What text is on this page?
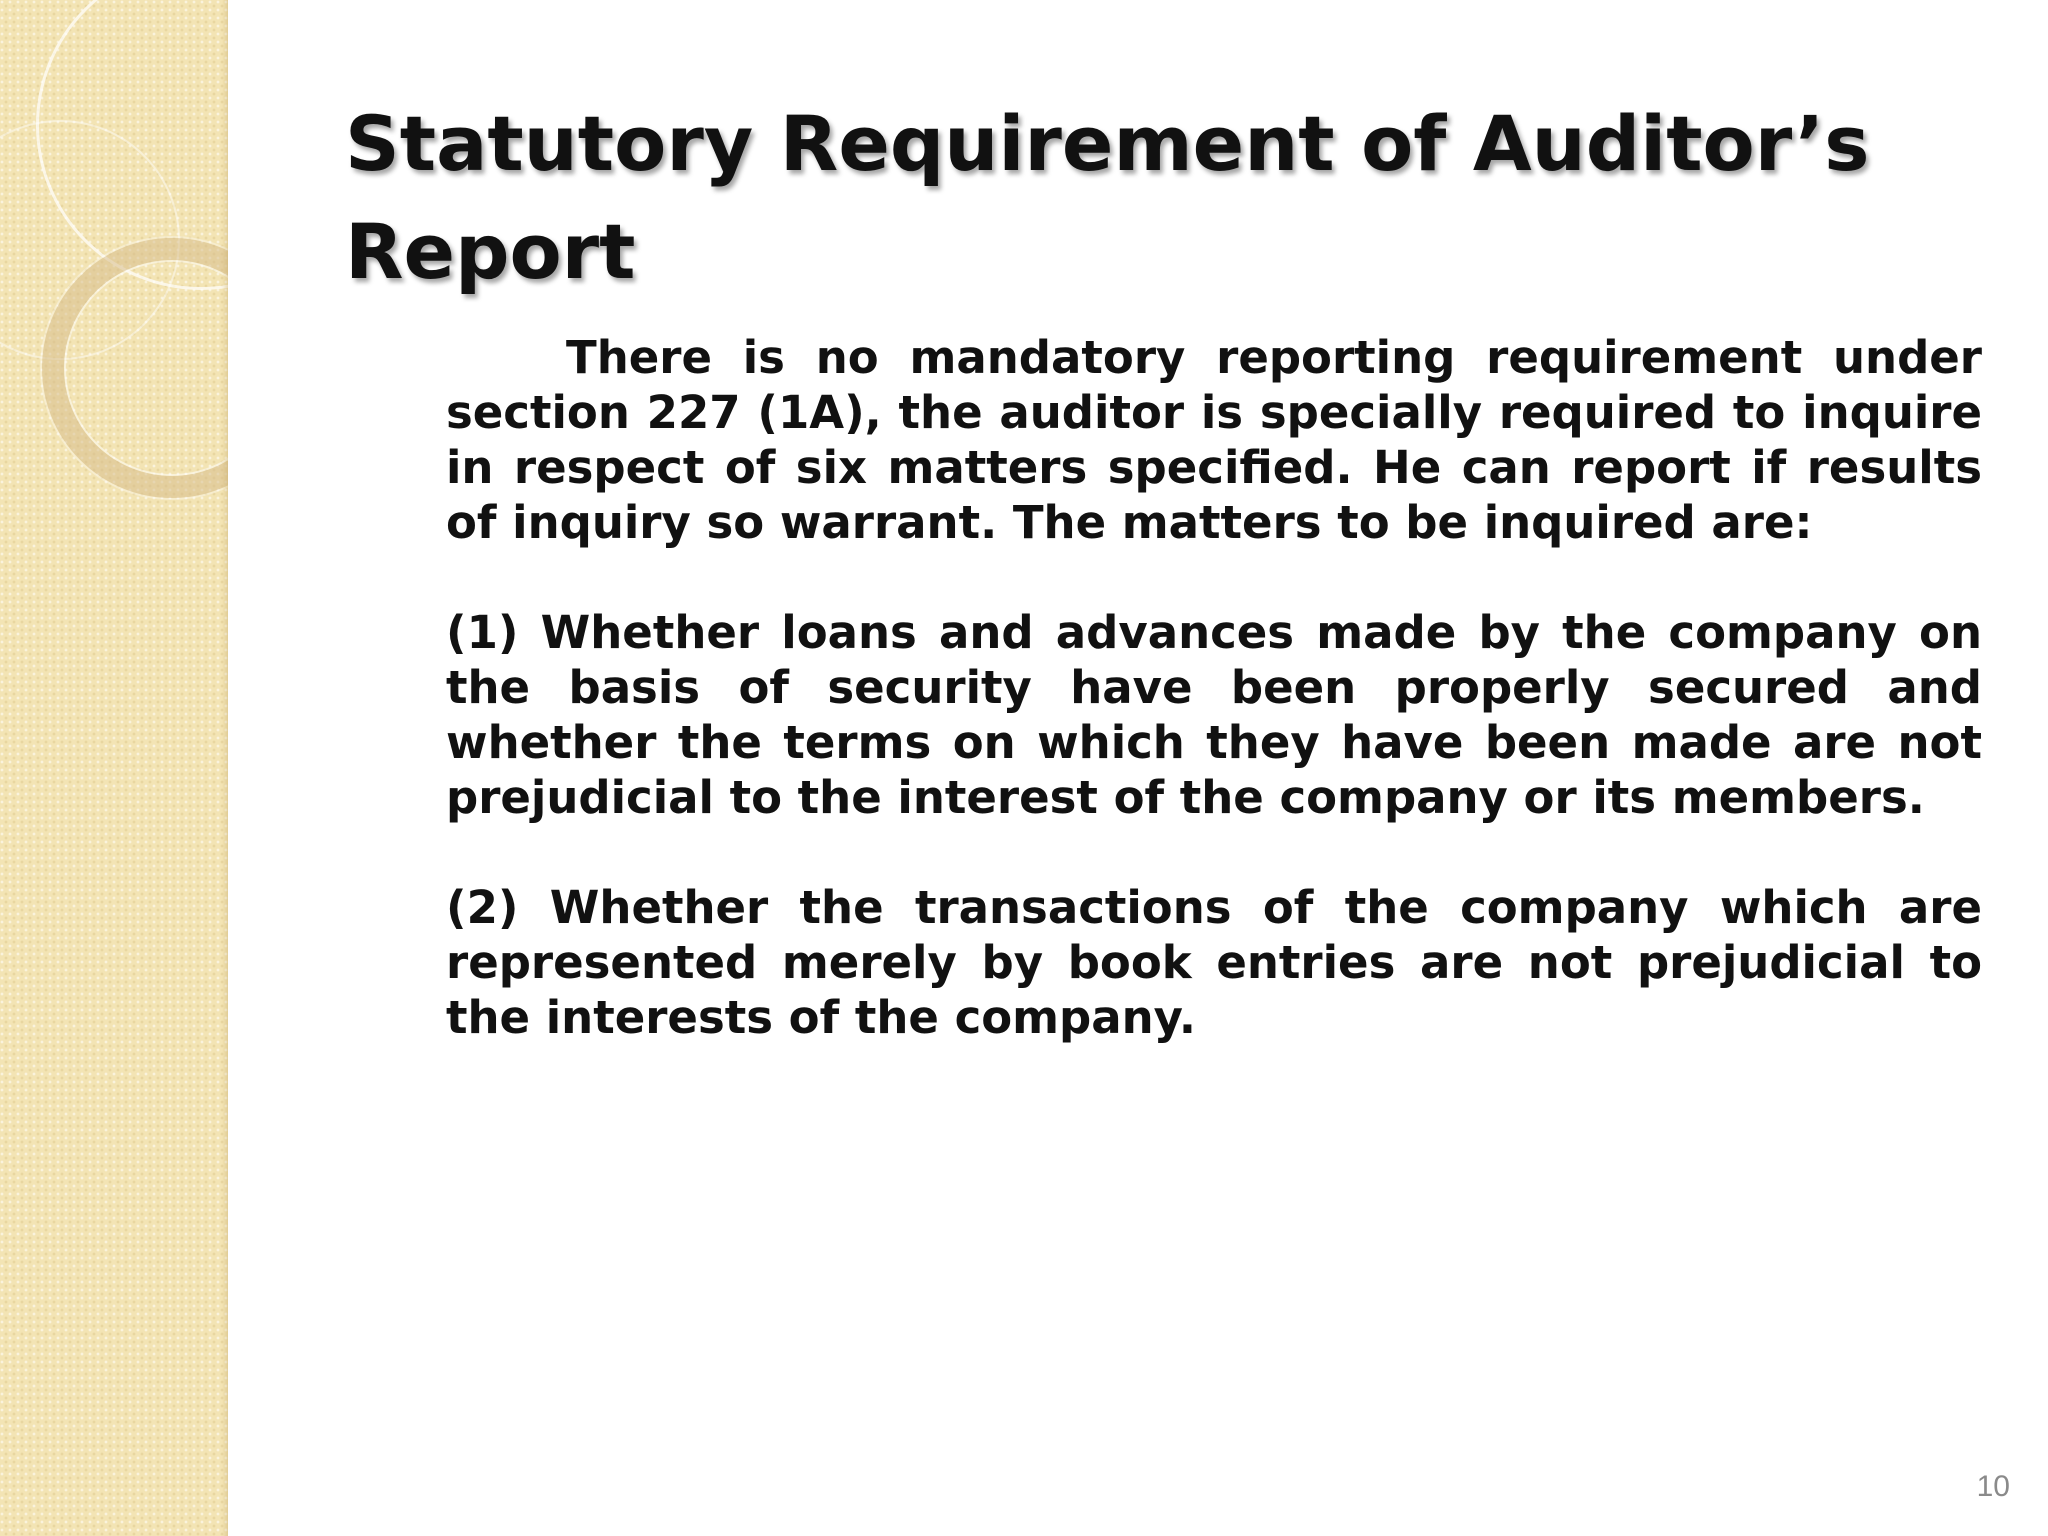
Statutory Requirement of Auditor’s Report

There is no mandatory reporting requirement under section 227 (1A), the auditor is specially required to inquire in respect of six matters specified. He can report if results of inquiry so warrant. The matters to be inquired are:

(1) Whether loans and advances made by the company on the basis of security have been properly secured and whether the terms on which they have been made are not prejudicial to the interest of the company or its members.

(2) Whether the transactions of the company which are represented merely by book entries are not prejudicial to the interests of the company.

10
